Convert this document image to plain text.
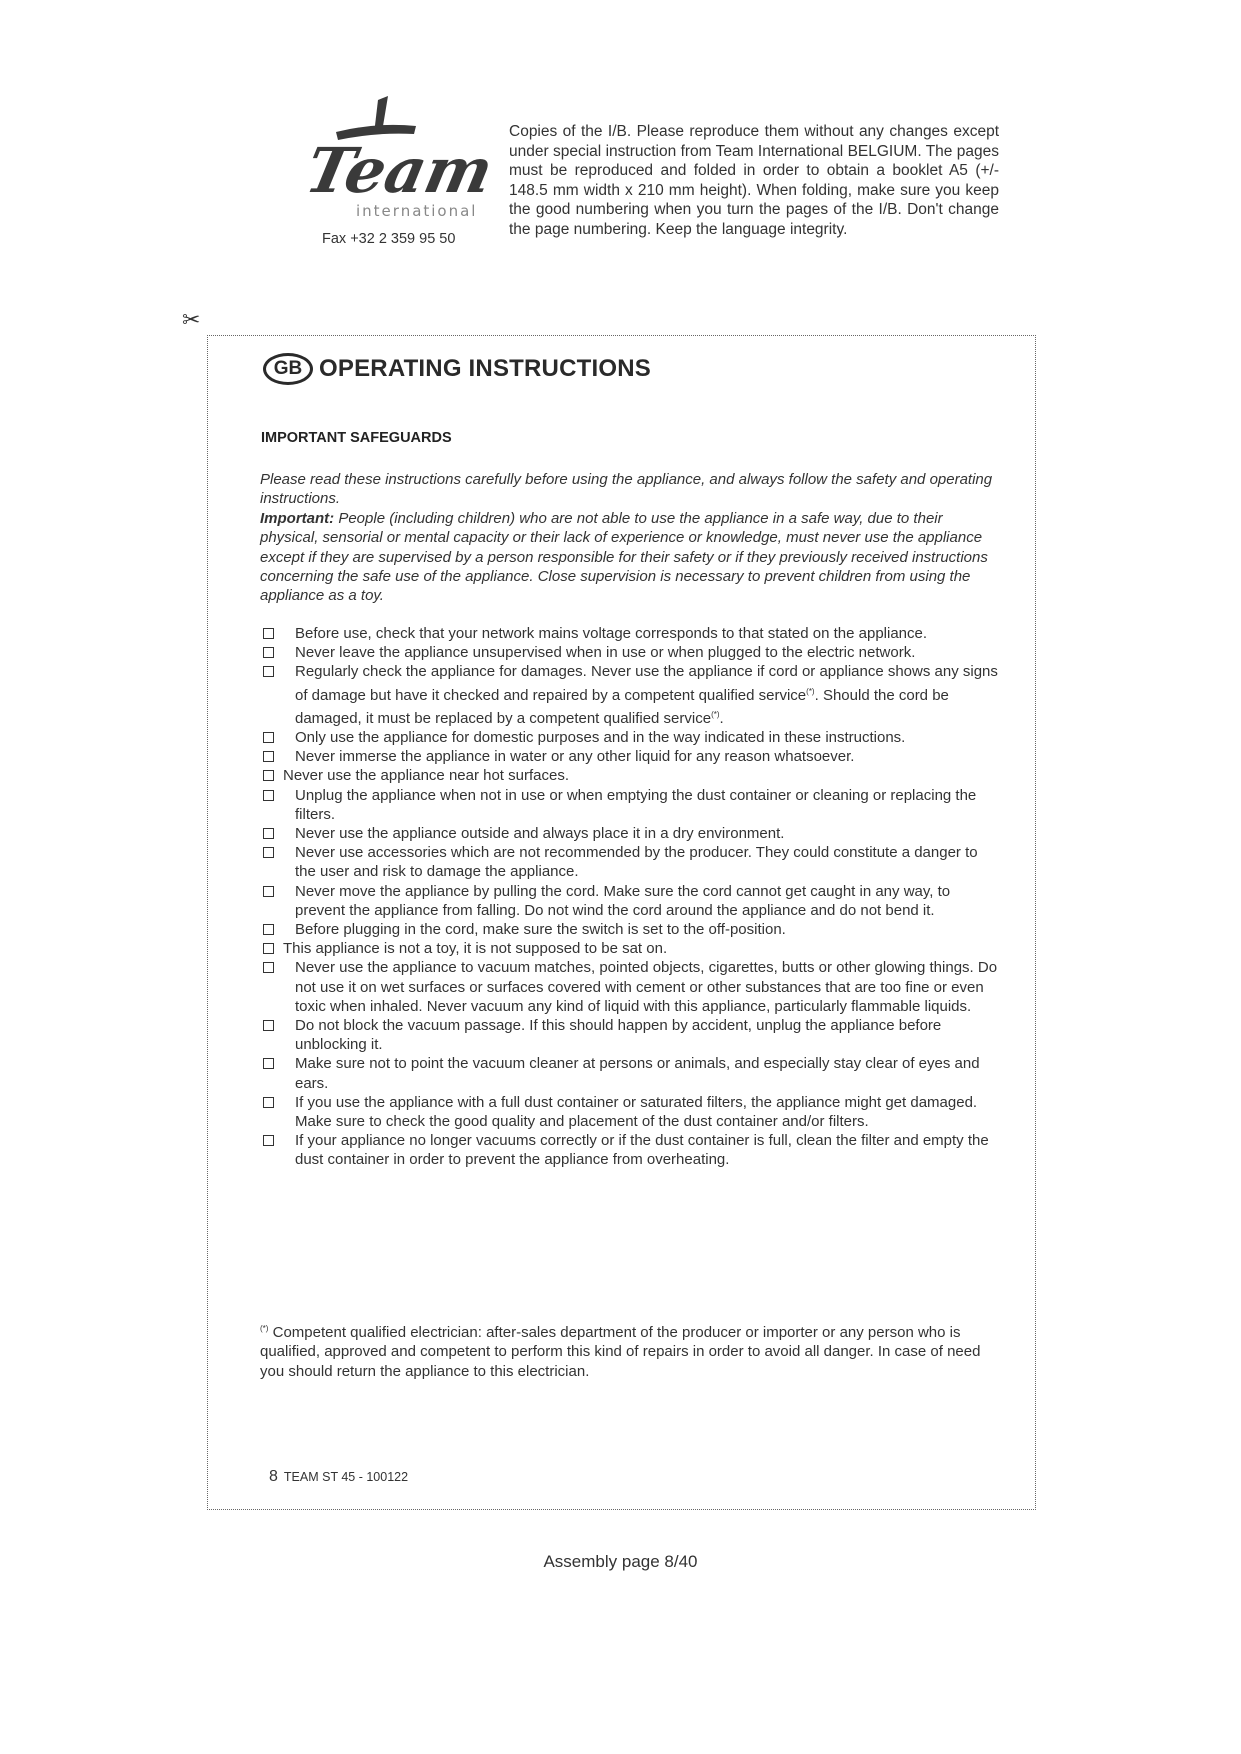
Team
international
Fax +32 2 359 95 50
Copies of the I/B. Please reproduce them without any changes except under special instruction from Team International BELGIUM. The pages must be reproduced and folded in order to obtain a booklet A5 (+/- 148.5 mm width x 210 mm height). When folding, make sure you keep the good numbering when you turn the pages of the I/B. Don't change the page numbering. Keep the language integrity.
✂
GB OPERATING INSTRUCTIONS
IMPORTANT SAFEGUARDS
Please read these instructions carefully before using the appliance, and always follow the safety and operating instructions.
Important: People (including children) who are not able to use the appliance in a safe way, due to their physical, sensorial or mental capacity or their lack of experience or knowledge, must never use the appliance except if they are supervised by a person responsible for their safety or if they previously received instructions concerning the safe use of the appliance. Close supervision is necessary to prevent children from using the appliance as a toy.
Before use, check that your network mains voltage corresponds to that stated on the appliance.
Never leave the appliance unsupervised when in use or when plugged to the electric network.
Regularly check the appliance for damages. Never use the appliance if cord or appliance shows any signs of damage but have it checked and repaired by a competent qualified service(*). Should the cord be damaged, it must be replaced by a competent qualified service(*).
Only use the appliance for domestic purposes and in the way indicated in these instructions.
Never immerse the appliance in water or any other liquid for any reason whatsoever.
Never use the appliance near hot surfaces.
Unplug the appliance when not in use or when emptying the dust container or cleaning or replacing the filters.
Never use the appliance outside and always place it in a dry environment.
Never use accessories which are not recommended by the producer. They could constitute a danger to the user and risk to damage the appliance.
Never move the appliance by pulling the cord. Make sure the cord cannot get caught in any way, to prevent the appliance from falling. Do not wind the cord around the appliance and do not bend it.
Before plugging in the cord, make sure the switch is set to the off-position.
This appliance is not a toy, it is not supposed to be sat on.
Never use the appliance to vacuum matches, pointed objects, cigarettes, butts or other glowing things. Do not use it on wet surfaces or surfaces covered with cement or other substances that are too fine or even toxic when inhaled. Never vacuum any kind of liquid with this appliance, particularly flammable liquids.
Do not block the vacuum passage. If this should happen by accident, unplug the appliance before unblocking it.
Make sure not to point the vacuum cleaner at persons or animals, and especially stay clear of eyes and ears.
If you use the appliance with a full dust container or saturated filters, the appliance might get damaged. Make sure to check the good quality and placement of the dust container and/or filters.
If your appliance no longer vacuums correctly or if the dust container is full, clean the filter and empty the dust container in order to prevent the appliance from overheating.
(*) Competent qualified electrician: after-sales department of the producer or importer or any person who is qualified, approved and competent to perform this kind of repairs in order to avoid all danger. In case of need you should return the appliance to this electrician.
8 TEAM ST 45 - 100122
Assembly page 8/40
